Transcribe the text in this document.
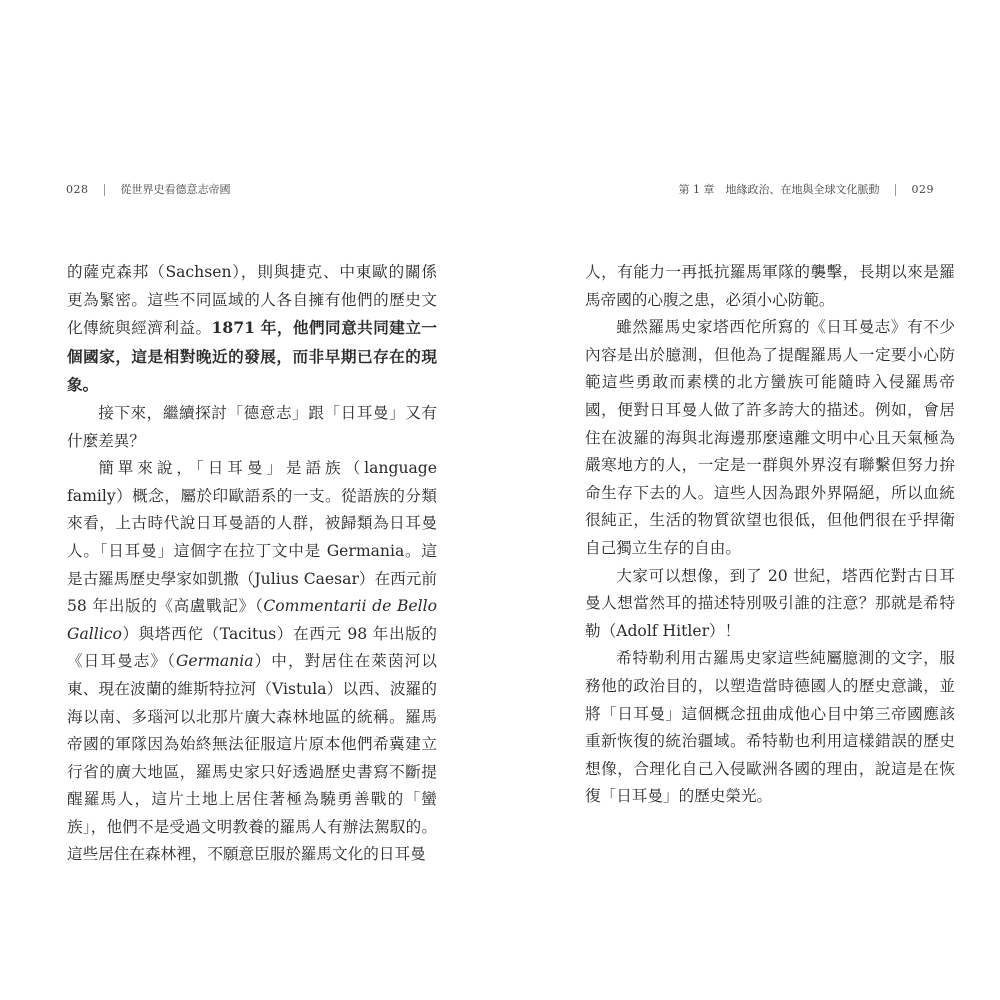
028 | 從世界史看德意志帝國

的薩克森邦（Sachsen），則與捷克、中東歐的關係更為緊密。這些不同區域的人各自擁有他們的歷史文化傳統與經濟利益。1871 年，他們同意共同建立一個國家，這是相對晚近的發展，而非早期已存在的現象。

接下來，繼續探討「德意志」跟「日耳曼」又有什麼差異？

簡單來說，「日耳曼」是語族（language family）概念，屬於印歐語系的一支。從語族的分類來看，上古時代說日耳曼語的人群，被歸類為日耳曼人。「日耳曼」這個字在拉丁文中是 Germania。這是古羅馬歷史學家如凱撒（Julius Caesar）在西元前 58 年出版的《高盧戰記》（Commentarii de Bello Gallico）與塔西佗（Tacitus）在西元 98 年出版的《日耳曼志》（Germania）中，對居住在萊茵河以東、現在波蘭的維斯特拉河（Vistula）以西、波羅的海以南、多瑙河以北那片廣大森林地區的統稱。羅馬帝國的軍隊因為始終無法征服這片原本他們希冀建立行省的廣大地區，羅馬史家只好透過歷史書寫不斷提醒羅馬人，這片土地上居住著極為驍勇善戰的「蠻族」，他們不是受過文明教養的羅馬人有辦法駕馭的。這些居住在森林裡，不願意臣服於羅馬文化的日耳曼

第 1 章　地緣政治、在地與全球文化脈動 | 029

人，有能力一再抵抗羅馬軍隊的襲擊，長期以來是羅馬帝國的心腹之患，必須小心防範。

雖然羅馬史家塔西佗所寫的《日耳曼志》有不少內容是出於臆測，但他為了提醒羅馬人一定要小心防範這些勇敢而素樸的北方蠻族可能隨時入侵羅馬帝國，便對日耳曼人做了許多誇大的描述。例如，會居住在波羅的海與北海邊那麼遠離文明中心且天氣極為嚴寒地方的人，一定是一群與外界沒有聯繫但努力拚命生存下去的人。這些人因為跟外界隔絕，所以血統很純正，生活的物質欲望也很低，但他們很在乎捍衛自己獨立生存的自由。

大家可以想像，到了 20 世紀，塔西佗對古日耳曼人想當然耳的描述特別吸引誰的注意？那就是希特勒（Adolf Hitler）！

希特勒利用古羅馬史家這些純屬臆測的文字，服務他的政治目的，以塑造當時德國人的歷史意識，並將「日耳曼」這個概念扭曲成他心目中第三帝國應該重新恢復的統治疆域。希特勒也利用這樣錯誤的歷史想像，合理化自己入侵歐洲各國的理由，說這是在恢復「日耳曼」的歷史榮光。
